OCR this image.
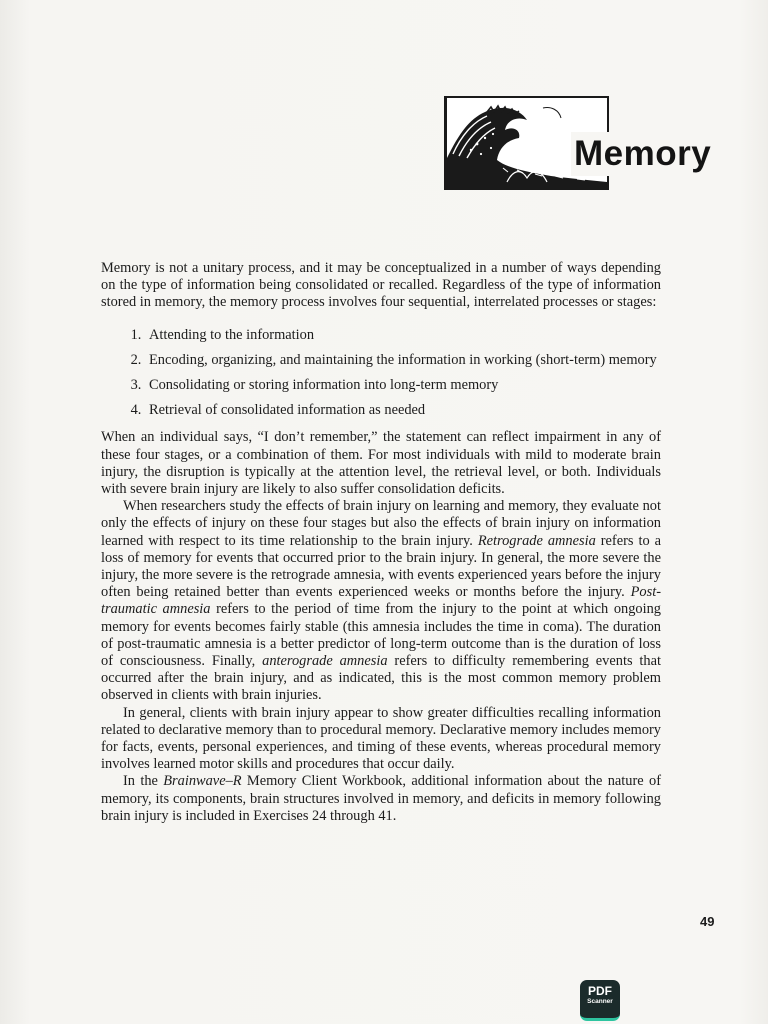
Memory

Memory is not a unitary process, and it may be conceptualized in a number of ways depending on the type of information being consolidated or recalled. Regardless of the type of information stored in memory, the memory process involves four sequential, interrelated processes or stages:

1. Attending to the information
2. Encoding, organizing, and maintaining the information in working (short-term) memory
3. Consolidating or storing information into long-term memory
4. Retrieval of consolidated information as needed

When an individual says, “I don’t remember,” the statement can reflect impairment in any of these four stages, or a combination of them. For most individuals with mild to moderate brain injury, the disruption is typically at the attention level, the retrieval level, or both. Individuals with severe brain injury are likely to also suffer consolidation deficits.

When researchers study the effects of brain injury on learning and memory, they evaluate not only the effects of injury on these four stages but also the effects of brain injury on information learned with respect to its time relationship to the brain injury. Retrograde amnesia refers to a loss of memory for events that occurred prior to the brain injury. In general, the more severe the injury, the more severe is the retrograde amnesia, with events experienced years before the injury often being retained better than events experienced weeks or months before the injury. Post-traumatic amnesia refers to the period of time from the injury to the point at which ongoing memory for events becomes fairly stable (this amnesia includes the time in coma). The duration of post-traumatic amnesia is a better predictor of long-term outcome than is the duration of loss of consciousness. Finally, anterograde amnesia refers to difficulty remembering events that occurred after the brain injury, and as indicated, this is the most common memory problem observed in clients with brain injuries.

In general, clients with brain injury appear to show greater difficulties recalling information related to declarative memory than to procedural memory. Declarative memory includes memory for facts, events, personal experiences, and timing of these events, whereas procedural memory involves learned motor skills and procedures that occur daily.

In the Brainwave–R Memory Client Workbook, additional information about the nature of memory, its components, brain structures involved in memory, and deficits in memory following brain injury is included in Exercises 24 through 41.

49
PDF
Scanner
